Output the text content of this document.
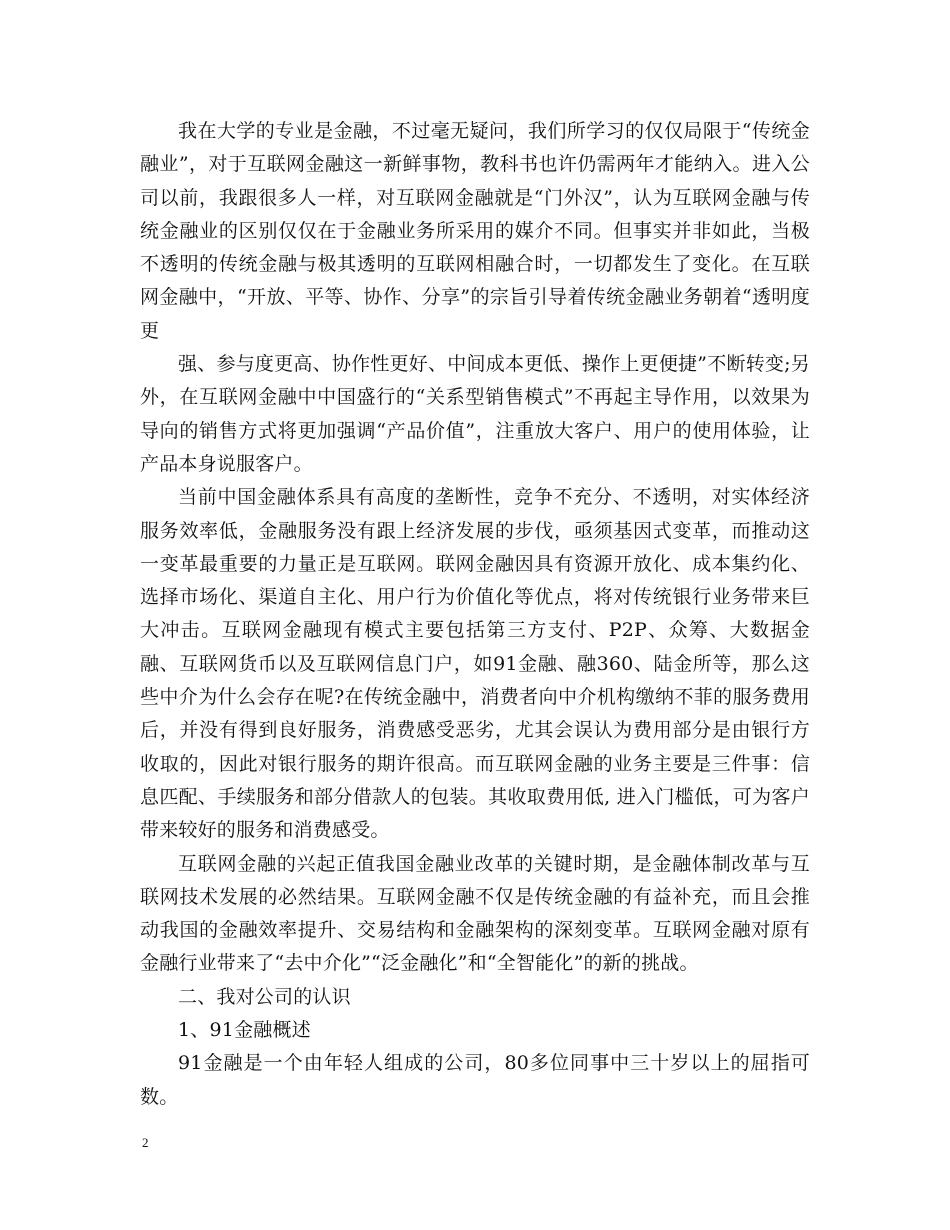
我在大学的专业是金融，不过毫无疑问，我们所学习的仅仅局限于“传统金融业”，对于互联网金融这一新鲜事物，教科书也许仍需两年才能纳入。进入公司以前，我跟很多人一样，对互联网金融就是“门外汉”，认为互联网金融与传统金融业的区别仅仅在于金融业务所采用的媒介不同。但事实并非如此，当极不透明的传统金融与极其透明的互联网相融合时，一切都发生了变化。在互联网金融中，“开放、平等、协作、分享”的宗旨引导着传统金融业务朝着“透明度更

强、参与度更高、协作性更好、中间成本更低、操作上更便捷”不断转变;另外，在互联网金融中中国盛行的“关系型销售模式”不再起主导作用，以效果为导向的销售方式将更加强调“产品价值”，注重放大客户、用户的使用体验，让产品本身说服客户。

当前中国金融体系具有高度的垄断性，竞争不充分、不透明，对实体经济服务效率低，金融服务没有跟上经济发展的步伐，亟须基因式变革，而推动这一变革最重要的力量正是互联网。联网金融因具有资源开放化、成本集约化、选择市场化、渠道自主化、用户行为价值化等优点，将对传统银行业务带来巨大冲击。互联网金融现有模式主要包括第三方支付、P2P、众筹、大数据金融、互联网货币以及互联网信息门户，如91金融、融360、陆金所等，那么这些中介为什么会存在呢?在传统金融中，消费者向中介机构缴纳不菲的服务费用后，并没有得到良好服务，消费感受恶劣，尤其会误认为费用部分是由银行方收取的，因此对银行服务的期许很高。而互联网金融的业务主要是三件事：信息匹配、手续服务和部分借款人的包装。其收取费用低, 进入门槛低，可为客户带来较好的服务和消费感受。

互联网金融的兴起正值我国金融业改革的关键时期，是金融体制改革与互联网技术发展的必然结果。互联网金融不仅是传统金融的有益补充，而且会推动我国的金融效率提升、交易结构和金融架构的深刻变革。互联网金融对原有金融行业带来了“去中介化”“泛金融化”和“全智能化”的新的挑战。

二、我对公司的认识

1、91金融概述

91金融是一个由年轻人组成的公司，80多位同事中三十岁以上的屈指可数。

2
